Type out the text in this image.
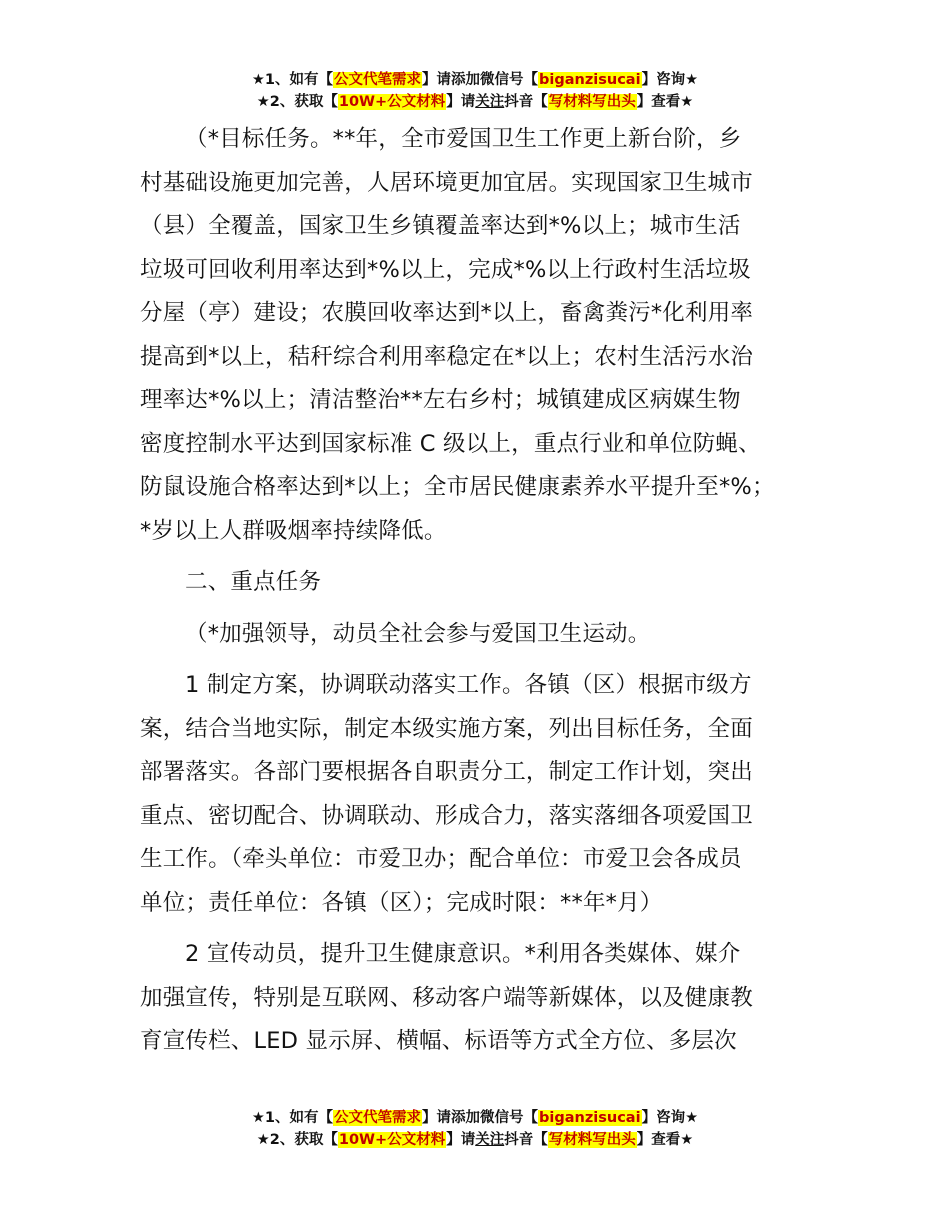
★1、如有【公文代笔需求】请添加微信号【biganzisucai】咨询★
★2、获取【10W+公文材料】请关注抖音【写材料写出头】查看★

（*目标任务。**年，全市爱国卫生工作更上新台阶，乡
村基础设施更加完善，人居环境更加宜居。实现国家卫生城市
（县）全覆盖，国家卫生乡镇覆盖率达到*%以上；城市生活
垃圾可回收利用率达到*%以上，完成*%以上行政村生活垃圾
分屋（亭）建设；农膜回收率达到*以上，畜禽粪污*化利用率
提高到*以上，秸秆综合利用率稳定在*以上；农村生活污水治
理率达*%以上；清洁整治**左右乡村；城镇建成区病媒生物
密度控制水平达到国家标准 C 级以上，重点行业和单位防蝇、
防鼠设施合格率达到*以上；全市居民健康素养水平提升至*%；
*岁以上人群吸烟率持续降低。

二、重点任务

（*加强领导，动员全社会参与爱国卫生运动。

1 制定方案，协调联动落实工作。各镇（区）根据市级方
案，结合当地实际，制定本级实施方案，列出目标任务，全面
部署落实。各部门要根据各自职责分工，制定工作计划，突出
重点、密切配合、协调联动、形成合力，落实落细各项爱国卫
生工作。（牵头单位：市爱卫办；配合单位：市爱卫会各成员
单位；责任单位：各镇（区）；完成时限：**年*月）

2 宣传动员，提升卫生健康意识。*利用各类媒体、媒介
加强宣传，特别是互联网、移动客户端等新媒体，以及健康教
育宣传栏、LED 显示屏、横幅、标语等方式全方位、多层次

★1、如有【公文代笔需求】请添加微信号【biganzisucai】咨询★
★2、获取【10W+公文材料】请关注抖音【写材料写出头】查看★
